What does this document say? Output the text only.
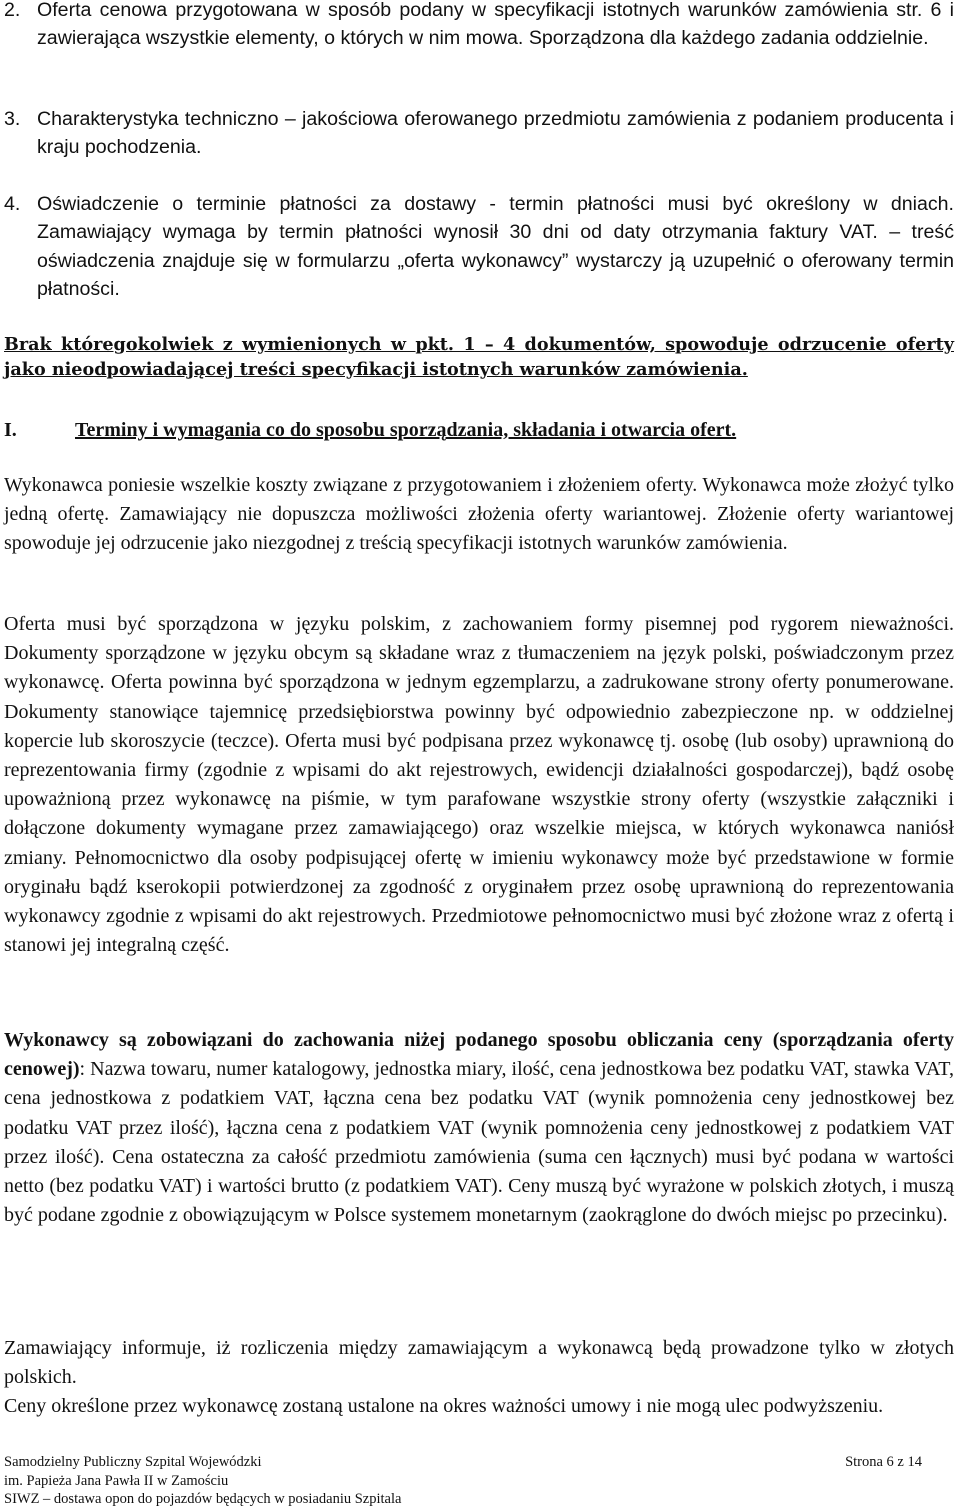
2. Oferta cenowa przygotowana w sposób podany w specyfikacji istotnych warunków zamówienia str. 6 i zawierająca wszystkie elementy, o których w nim mowa. Sporządzona dla każdego zadania oddzielnie.
3. Charakterystyka techniczno – jakościowa oferowanego przedmiotu zamówienia z podaniem producenta i kraju pochodzenia.
4. Oświadczenie o terminie płatności za dostawy - termin płatności musi być określony w dniach. Zamawiający wymaga by termin płatności wynosił 30 dni od daty otrzymania faktury VAT. – treść oświadczenia znajduje się w formularzu „oferta wykonawcy” wystarczy ją uzupełnić o oferowany termin płatności.
Brak któregokolwiek z wymienionych w pkt. 1 – 4 dokumentów, spowoduje odrzucenie oferty jako nieodpowiadającej treści specyfikacji istotnych warunków zamówienia.
I.	Terminy i wymagania co do sposobu sporządzania, składania i otwarcia ofert.
Wykonawca poniesie wszelkie koszty związane z przygotowaniem i złożeniem oferty. Wykonawca może złożyć tylko jedną ofertę. Zamawiający nie dopuszcza możliwości złożenia oferty wariantowej. Złożenie oferty wariantowej spowoduje jej odrzucenie jako niezgodnej z treścią specyfikacji istotnych warunków zamówienia.
Oferta musi być sporządzona w języku polskim, z zachowaniem formy pisemnej pod rygorem nieważności. Dokumenty sporządzone w języku obcym są składane wraz z tłumaczeniem na język polski, poświadczonym przez wykonawcę. Oferta powinna być sporządzona w jednym egzemplarzu, a zadrukowane strony oferty ponumerowane. Dokumenty stanowiące tajemnicę przedsiębiorstwa powinny być odpowiednio zabezpieczone np. w oddzielnej kopercie lub skoroszycie (teczce). Oferta musi być podpisana przez wykonawcę tj. osobę (lub osoby) uprawnioną do reprezentowania firmy (zgodnie z wpisami do akt rejestrowych, ewidencji działalności gospodarczej), bądź osobę upoważnioną przez wykonawcę na piśmie, w tym parafowane wszystkie strony oferty (wszystkie załączniki i dołączone dokumenty wymagane przez zamawiającego) oraz wszelkie miejsca, w których wykonawca naniósł zmiany. Pełnomocnictwo dla osoby podpisującej ofertę w imieniu wykonawcy może być przedstawione w formie oryginału bądź kserokopii potwierdzonej za zgodność z oryginałem przez osobę uprawnioną do reprezentowania wykonawcy zgodnie z wpisami do akt rejestrowych. Przedmiotowe pełnomocnictwo musi być złożone wraz z ofertą i stanowi jej integralną część.
Wykonawcy są zobowiązani do zachowania niżej podanego sposobu obliczania ceny (sporządzania oferty cenowej): Nazwa towaru, numer katalogowy, jednostka miary, ilość, cena jednostkowa bez podatku VAT, stawka VAT, cena jednostkowa z podatkiem VAT, łączna cena bez podatku VAT (wynik pomnożenia ceny jednostkowej bez podatku VAT przez ilość), łączna cena z podatkiem VAT (wynik pomnożenia ceny jednostkowej z podatkiem VAT przez ilość). Cena ostateczna za całość przedmiotu zamówienia (suma cen łącznych) musi być podana w wartości netto (bez podatku VAT) i wartości brutto (z podatkiem VAT). Ceny muszą być wyrażone w polskich złotych, i muszą być podane zgodnie z obowiązującym w Polsce systemem monetarnym (zaokrąglone do dwóch miejsc po przecinku).
Zamawiający informuje, iż rozliczenia między zamawiającym a wykonawcą będą prowadzone tylko w złotych polskich.
Ceny określone przez wykonawcę zostaną ustalone na okres ważności umowy i nie mogą ulec podwyższeniu.
Samodzielny Publiczny Szpital Wojewódzki	Strona 6 z 14
im. Papieża Jana Pawła II w Zamościu
SIWZ – dostawa opon do pojazdów będących w posiadaniu Szpitala
